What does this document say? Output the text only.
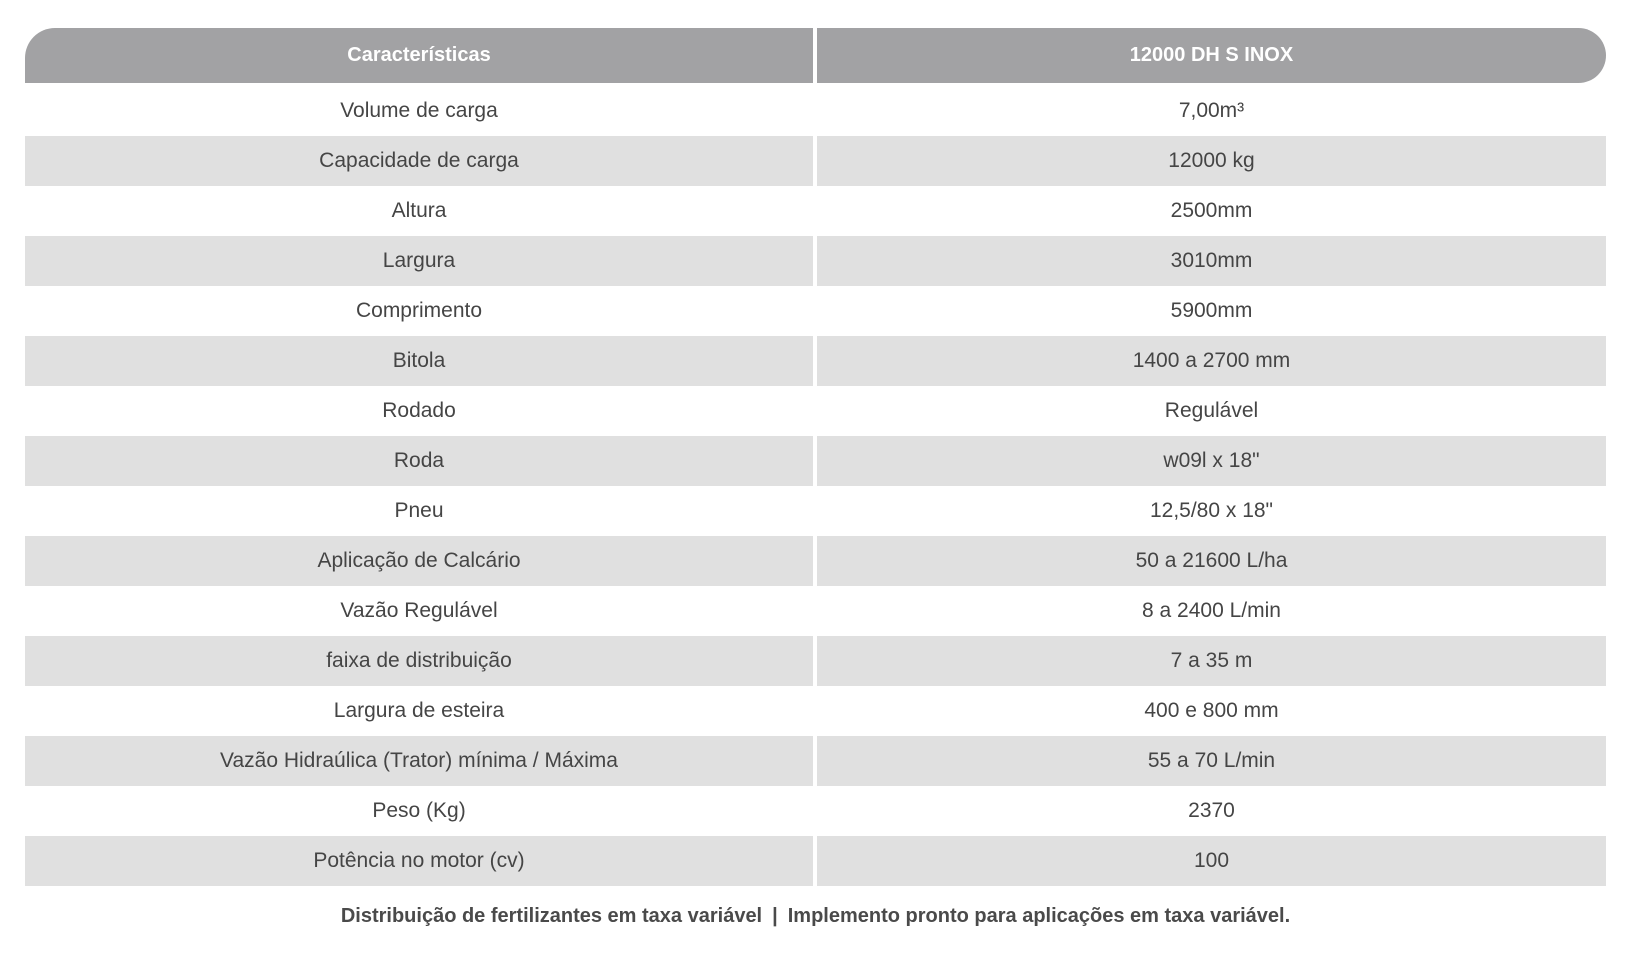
Características	12000 DH S INOX
Volume de carga	7,00m³
Capacidade de carga	12000 kg
Altura	2500mm
Largura	3010mm
Comprimento	5900mm
Bitola	1400 a 2700 mm
Rodado	Regulável
Roda	w09l x 18"
Pneu	12,5/80 x 18"
Aplicação de Calcário	50 a 21600 L/ha
Vazão Regulável	8 a 2400 L/min
faixa de distribuição	7 a 35 m
Largura de esteira	400 e 800 mm
Vazão Hidraúlica (Trator) mínima / Máxima	55 a 70 L/min
Peso (Kg)	2370
Potência no motor (cv)	100
Distribuição de fertilizantes em taxa variável | Implemento pronto para aplicações em taxa variável.
